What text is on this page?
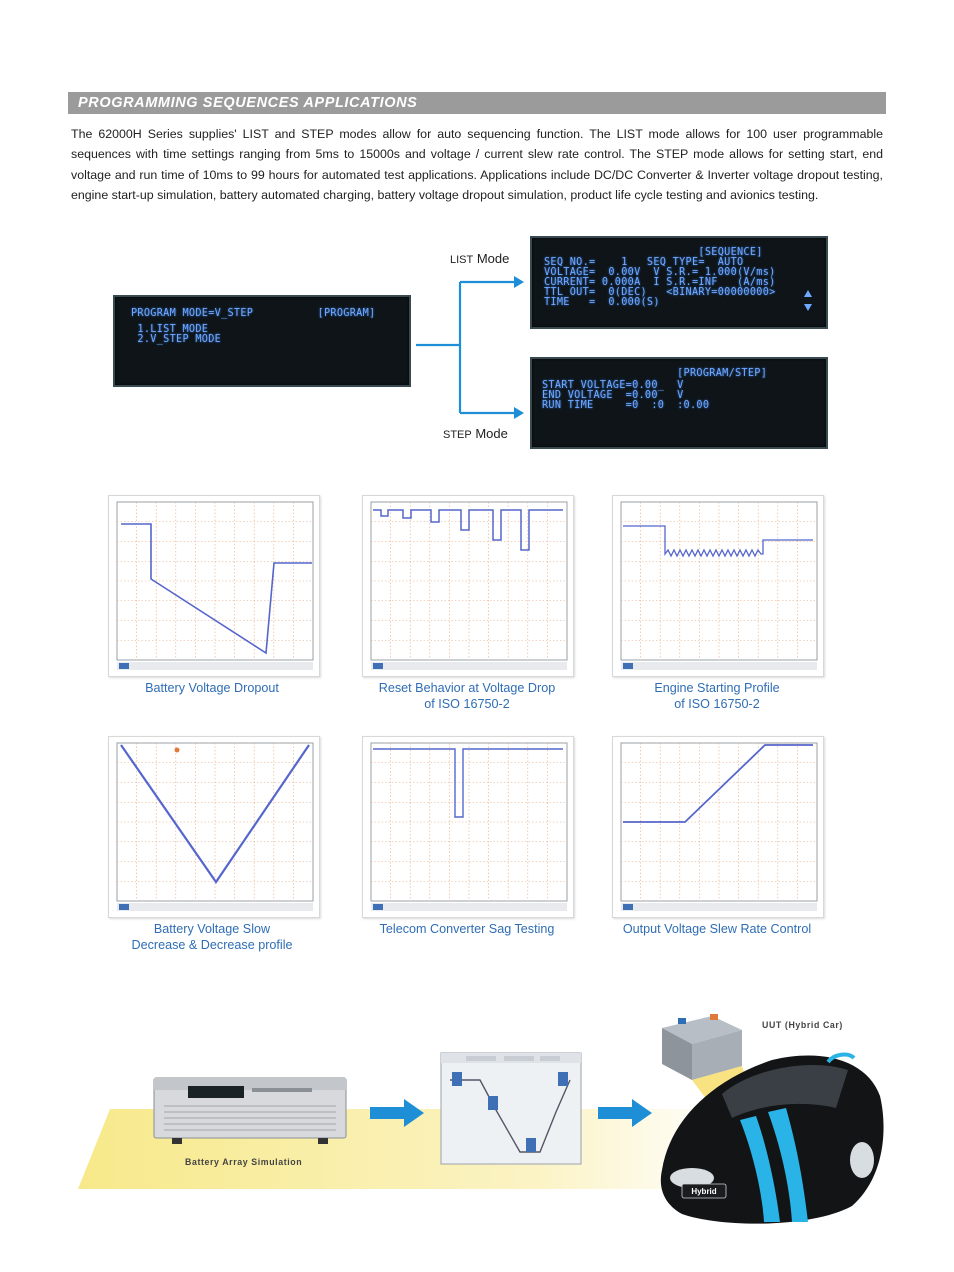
PROGRAMMING SEQUENCES APPLICATIONS

The 62000H Series supplies' LIST and STEP modes allow for auto sequencing function. The LIST mode allows for 100 user programmable sequences with time settings ranging from 5ms to 15000s and voltage / current slew rate control. The STEP mode allows for setting start, end voltage and run time of 10ms to 99 hours for automated test applications. Applications include DC/DC Converter & Inverter voltage dropout testing, engine start-up simulation, battery automated charging, battery voltage dropout simulation, product life cycle testing and avionics testing.

PROGRAM MODE=V_STEP          [PROGRAM]
1.LIST MODE
2.V_STEP MODE
LIST Mode
STEP Mode
[SEQUENCE]
SEQ NO.=    1   SEQ TYPE=  AUTO
VOLTAGE=  0.00V  V S.R.= 1.000(V/ms)
CURRENT= 0.000A  I S.R.=INF   (A/ms)
TTL OUT=  0(DEC)   <BINARY=00000000>
TIME   =  0.000(S)
[PROGRAM/STEP]
START VOLTAGE=0.00_  V
END VOLTAGE  =0.00   V
RUN TIME     =0  :0  :0.00
Battery Voltage Dropout	Reset Behavior at Voltage Drop
of ISO 16750-2
Engine Starting Profile
of ISO 16750-2
Battery Voltage Slow
Decrease & Decrease profile
Telecom Converter Sag Testing	Output Voltage Slew Rate Control
Battery Array Simulation
Hybrid
UUT (Hybrid Car)
